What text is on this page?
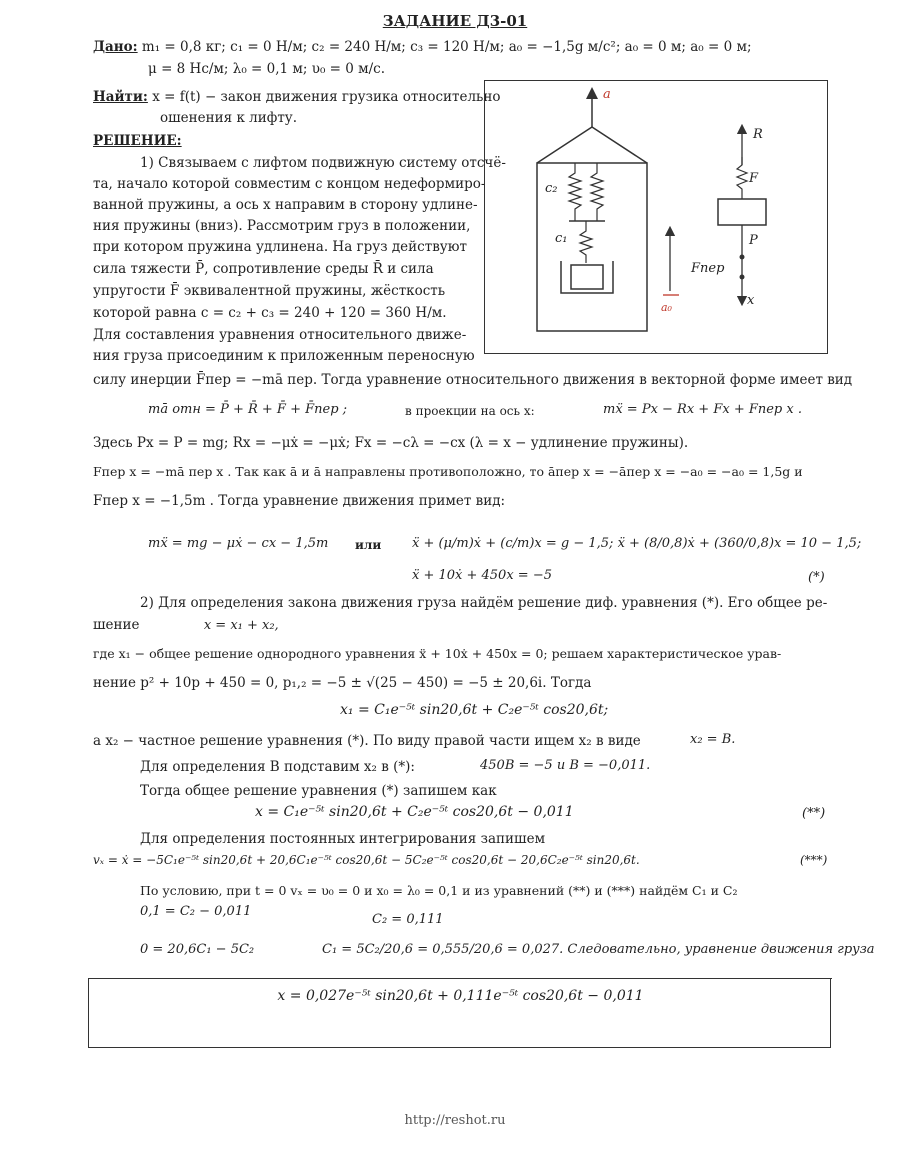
ЗАДАНИЕ Д3-01
Дано: m₁ = 0,8 кг; c₁ = 0 Н/м; c₂ = 240 Н/м; c₃ = 120 Н/м; a₀ = −1,5g м/с²; a₀ = 0 м; a₀ = 0 м;
μ = 8 Нс/м; λ₀ = 0,1 м; υ₀ = 0 м/с.
Найти: x = f(t) − закон движения грузика относительно
ошенения к лифту.
РЕШЕНИЕ:
1) Связываем с лифтом подвижную систему отсчё-
та, начало которой совместим с концом недеформиро-
ванной пружины, а ось x направим в сторону удлине-
ния пружины (вниз). Рассмотрим груз в положении,
при котором пружина удлинена. На груз действуют
сила тяжести P̄, сопротивление среды R̄ и сила
упругости F̄ эквивалентной пружины, жёсткость
которой равна c = c₂ + c₃ = 240 + 120 = 360 Н/м.
Для составления уравнения относительного движе-
ния груза присоединим к приложенным переносную
a
c₂
c₁
R
F
P
Fпер
x
a₀
силу инерции F̄пер = −mā пер. Тогда уравнение относительного движения в векторной форме имеет вид
mā отн = P̄ + R̄ + F̄ + F̄пер ;	в проекции на ось x:	mẍ = Px − Rx + Fx + Fпер x .
Здесь Px = P = mg; Rx = −μẋ = −μẋ; Fx = −cλ = −cx (λ = x − удлинение пружины).
Fпер x = −mā пер x . Так как ā и ā направлены противоположно, то āпер x = −āпер x = −a₀ = −a₀ = 1,5g и
Fпер x = −1,5m . Тогда уравнение движения примет вид:
mẍ = mg − μẋ − cx − 1,5m или ẍ + (μ/m)ẋ + (c/m)x = g − 1,5; ẍ + (8/0,8)ẋ + (360/0,8)x = 10 − 1,5;
ẍ + 10ẋ + 450x = −5	(*)
2) Для определения закона движения груза найдём решение диф. уравнения (*). Его общее ре-
шение	x = x₁ + x₂,
где x₁ − общее решение однородного уравнения ẍ + 10ẋ + 450x = 0; решаем характеристическое урав-
нение p² + 10p + 450 = 0, p₁,₂ = −5 ± √(25 − 450) = −5 ± 20,6i. Тогда
x₁ = C₁e⁻⁵ᵗ sin20,6t + C₂e⁻⁵ᵗ cos20,6t;
а x₂ − частное решение уравнения (*). По виду правой части ищем x₂ в виде	x₂ = B.
Для определения B подставим x₂ в (*):	450B = −5 и B = −0,011.
Тогда общее решение уравнения (*) запишем как
x = C₁e⁻⁵ᵗ sin20,6t + C₂e⁻⁵ᵗ cos20,6t − 0,011	(**)
Для определения постоянных интегрирования запишем
vₓ = ẋ = −5C₁e⁻⁵ᵗ sin20,6t + 20,6C₁e⁻⁵ᵗ cos20,6t − 5C₂e⁻⁵ᵗ cos20,6t − 20,6C₂e⁻⁵ᵗ sin20,6t.	(***)
По условию, при t = 0 vₓ = υ₀ = 0 и x₀ = λ₀ = 0,1 и из уравнений (**) и (***) найдём C₁ и C₂
0,1 = C₂ − 0,011
C₂ = 0,111
0 = 20,6C₁ − 5C₂	C₁ = 5C₂/20,6 = 0,555/20,6 = 0,027. Следовательно, уравнение движения груза
x = 0,027e⁻⁵ᵗ sin20,6t + 0,111e⁻⁵ᵗ cos20,6t − 0,011
http://reshot.ru
